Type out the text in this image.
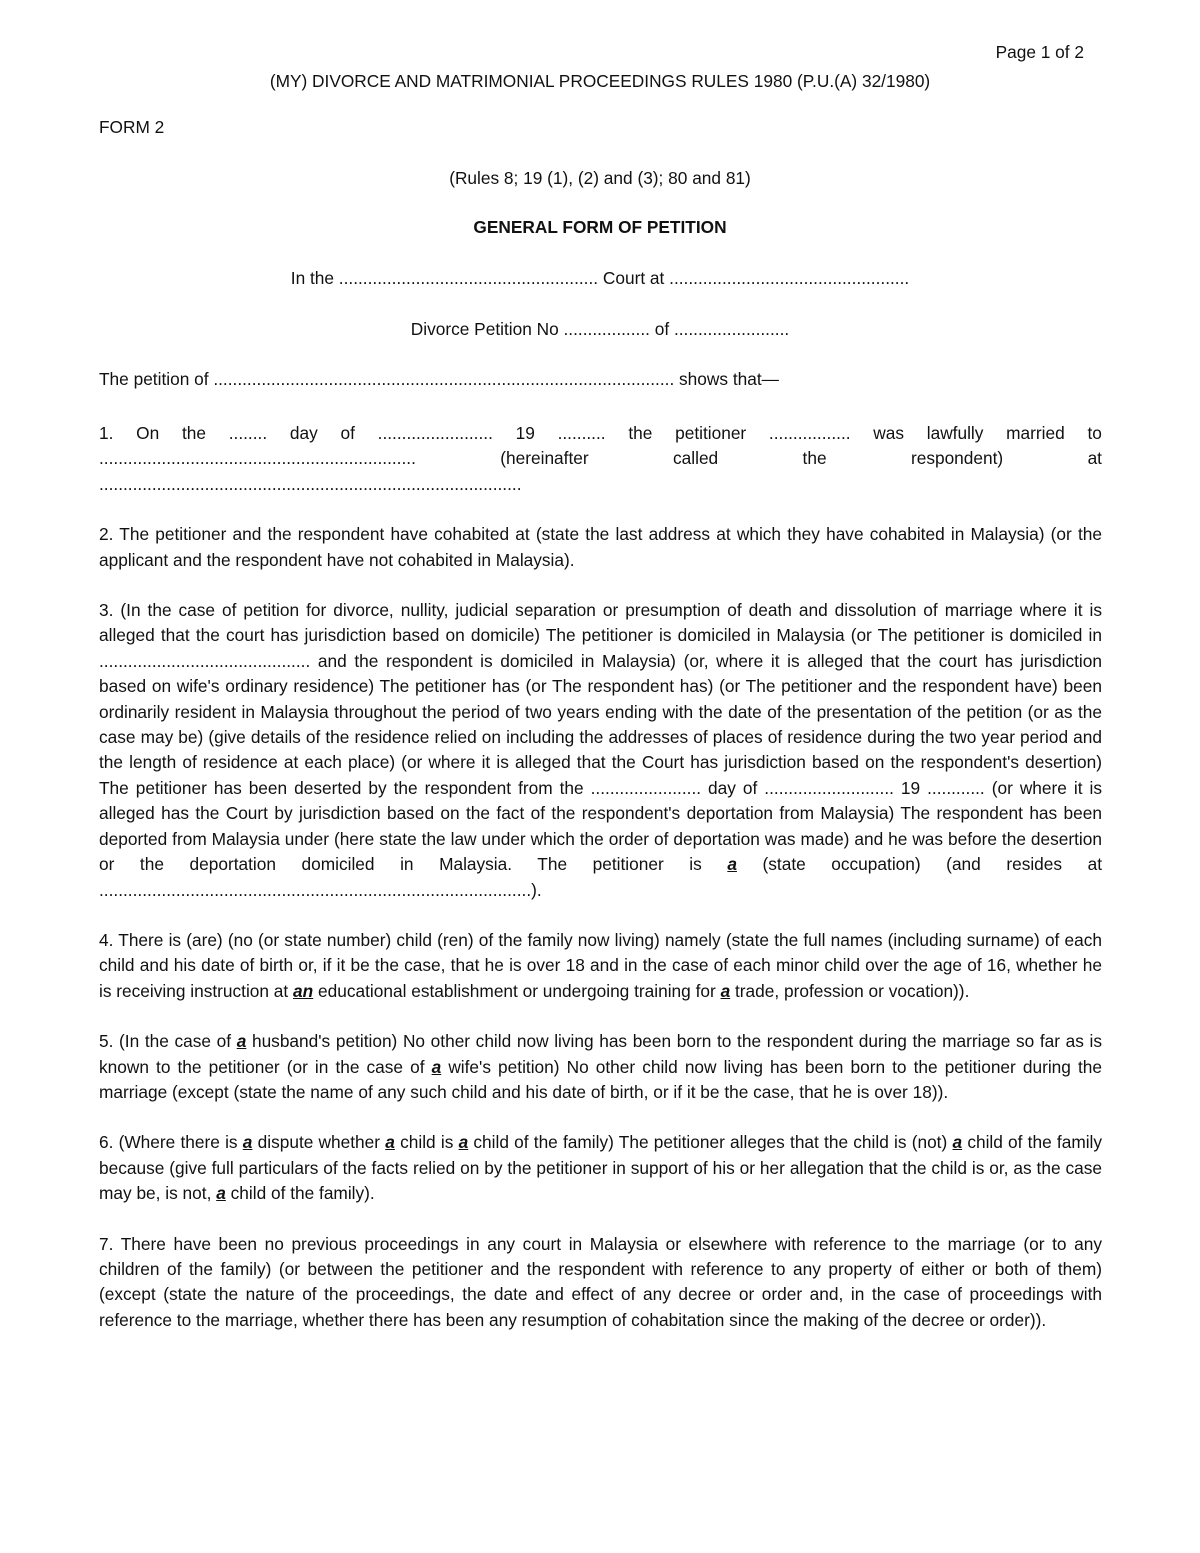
Page 1 of 2
(MY) DIVORCE AND MATRIMONIAL PROCEEDINGS RULES 1980 (P.U.(A) 32/1980)
FORM 2
(Rules 8; 19 (1), (2) and (3); 80 and 81)
GENERAL FORM OF PETITION
In the ...................................................... Court at ..................................................
Divorce Petition No .................. of ........................
The petition of ................................................................................................ shows that—
1. On the ........ day of ........................ 19 .......... the petitioner ................. was lawfully married to
..................................................................	(hereinafter	called	the	respondent)	at
........................................................................................

2. The petitioner and the respondent have cohabited at (state the last address at which they have cohabited in Malaysia) (or the applicant and the respondent have not cohabited in Malaysia).

3. (In the case of petition for divorce, nullity, judicial separation or presumption of death and dissolution of marriage where it is alleged that the court has jurisdiction based on domicile) The petitioner is domiciled in Malaysia (or The petitioner is domiciled in ............................................ and the respondent is domiciled in Malaysia) (or, where it is alleged that the court has jurisdiction based on wife's ordinary residence) The petitioner has (or The respondent has) (or The petitioner and the respondent have) been ordinarily resident in Malaysia throughout the period of two years ending with the date of the presentation of the petition (or as the case may be) (give details of the residence relied on including the addresses of places of residence during the two year period and the length of residence at each place) (or where it is alleged that the Court has jurisdiction based on the respondent's desertion) The petitioner has been deserted by the respondent from the ....................... day of ........................... 19 ............ (or where it is alleged has the Court by jurisdiction based on the fact of the respondent's deportation from Malaysia) The respondent has been deported from Malaysia under (here state the law under which the order of deportation was made) and he was before the desertion or the deportation domiciled in Malaysia. The petitioner is a (state occupation) (and resides at ..........................................................................................).

4. There is (are) (no (or state number) child (ren) of the family now living) namely (state the full names (including surname) of each child and his date of birth or, if it be the case, that he is over 18 and in the case of each minor child over the age of 16, whether he is receiving instruction at an educational establishment or undergoing training for a trade, profession or vocation)).

5. (In the case of a husband's petition) No other child now living has been born to the respondent during the marriage so far as is known to the petitioner (or in the case of a wife's petition) No other child now living has been born to the petitioner during the marriage (except (state the name of any such child and his date of birth, or if it be the case, that he is over 18)).

6. (Where there is a dispute whether a child is a child of the family) The petitioner alleges that the child is (not) a child of the family because (give full particulars of the facts relied on by the petitioner in support of his or her allegation that the child is or, as the case may be, is not, a child of the family).

7. There have been no previous proceedings in any court in Malaysia or elsewhere with reference to the marriage (or to any children of the family) (or between the petitioner and the respondent with reference to any property of either or both of them) (except (state the nature of the proceedings, the date and effect of any decree or order and, in the case of proceedings with reference to the marriage, whether there has been any resumption of cohabitation since the making of the decree or order)).
